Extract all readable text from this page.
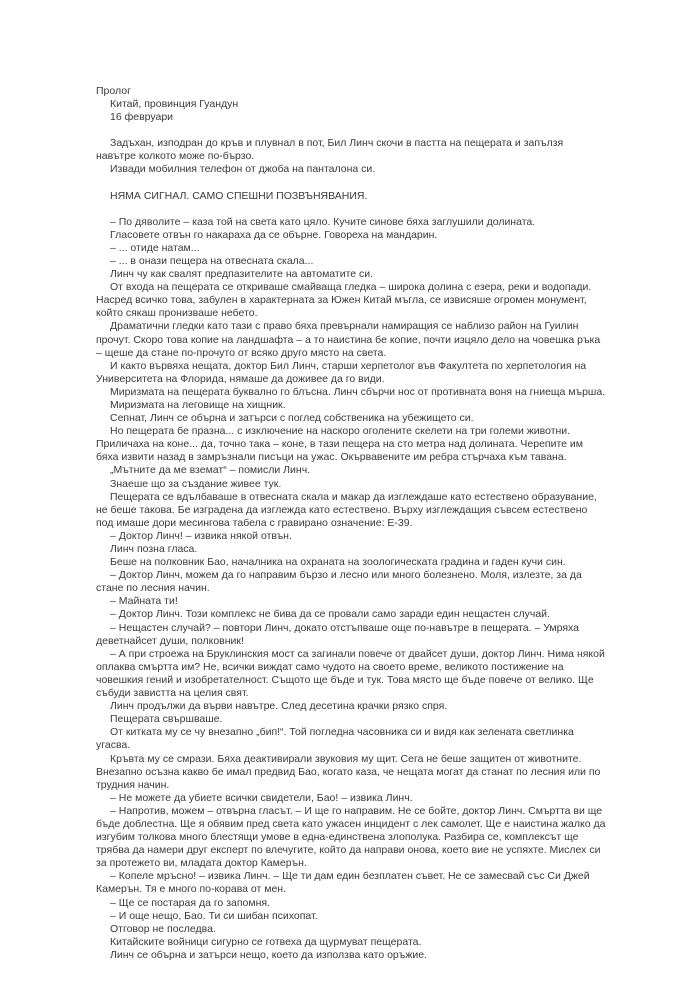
Пролог

Китай, провинция Гуандун

16 февруари

Задъхан, изподран до кръв и плувнал в пот, Бил Линч скочи в пастта на пещерата и запълзя навътре колкото може по-бързо.

Извади мобилния телефон от джоба на панталона си.

НЯМА СИГНАЛ. САМО СПЕШНИ ПОЗВЪНЯВАНИЯ.

– По дяволите – каза той на света като цяло. Кучите синове бяха заглушили долината.

Гласовете отвън го накараха да се обърне. Говореха на мандарин.

– ... отиде натам...

– ... в онази пещера на отвесната скала...

Линч чу как свалят предпазителите на автоматите си.

От входа на пещерата се откриваше смайваща гледка – широка долина с езера, реки и водопади. Насред всичко това, забулен в характерната за Южен Китай мъгла, се извисяше огромен монумент, който сякаш пронизваше небето.

Драматични гледки като тази с право бяха превърнали намиращия се наблизо район на Гуилин прочут. Скоро това копие на ландшафта – а то наистина бе копие, почти изцяло дело на човешка ръка – щеше да стане по-прочуто от всяко друго място на света.

И както вървяха нещата, доктор Бил Линч, старши херпетолог във Факултета по херпетология на Университета на Флорида, нямаше да доживее да го види.

Миризмата на пещерата буквално го блъсна. Линч сбърчи нос от противната воня на гниеща мърша.

Миризмата на леговище на хищник.

Сепнат, Линч се обърна и затърси с поглед собственика на убежището си.

Но пещерата бе празна... с изключение на наскоро оголените скелети на три големи животни. Приличаха на коне... да, точно така – коне, в тази пещера на сто метра над долината. Черепите им бяха извити назад в замръзнали писъци на ужас. Окървавените им ребра стърчаха към тавана.

„Мътните да ме вземат“ – помисли Линч.

Знаеше що за създание живее тук.

Пещерата се вдълбаваше в отвесната скала и макар да изглеждаше като естествено образувание, не беше такова. Бе изградена да изглежда като естествено. Върху изглеждащия съвсем естествено под имаше дори месингова табела с гравирано означение: Е-39.

– Доктор Линч! – извика някой отвън.

Линч позна гласа.

Беше на полковник Бао, началника на охраната на зоологическата градина и гаден кучи син.

– Доктор Линч, можем да го направим бързо и лесно или много болезнено. Моля, излезте, за да стане по лесния начин.

– Майната ти!

– Доктор Линч. Този комплекс не бива да се провали само заради един нещастен случай.

– Нещастен случай? – повтори Линч, докато отстъпваше още по-навътре в пещерата. – Умряха деветнайсет души, полковник!

– А при строежа на Бруклинския мост са загинали повече от двайсет души, доктор Линч. Нима някой оплаква смъртта им? Не, всички виждат само чудото на своето време, великото постижение на човешкия гений и изобретателност. Същото ще бъде и тук. Това място ще бъде повече от велико. Ще събуди завистта на целия свят.

Линч продължи да върви навътре. След десетина крачки рязко спря.

Пещерата свършваше.

От китката му се чу внезапно „бип!“. Той погледна часовника си и видя как зелената светлинка угасва.

Кръвта му се смрази. Бяха деактивирали звуковия му щит. Сега не беше защитен от животните. Внезапно осъзна какво бе имал предвид Бао, когато каза, че нещата могат да станат по лесния или по трудния начин.

– Не можете да убиете всички свидетели, Бао! – извика Линч.

– Напротив, можем – отвърна гласът. – И ще го направим. Не се бойте, доктор Линч. Смъртта ви ще бъде доблестна. Ще я обявим пред света като ужасен инцидент с лек самолет. Ще е наистина жалко да изгубим толкова много блестящи умове в една-единствена злополука. Разбира се, комплексът ще трябва да намери друг експерт по влечугите, който да направи онова, което вие не успяхте. Мислех си за протежето ви, младата доктор Камерън.

– Копеле мръсно! – извика Линч. – Ще ти дам един безплатен съвет. Не се замесвай със Си Джей Камерън. Тя е много по-корава от мен.

– Ще се постарая да го запомня.

– И още нещо, Бао. Ти си шибан психопат.

Отговор не последва.

Китайските войници сигурно се готвеха да щурмуват пещерата.

Линч се обърна и затърси нещо, което да използва като оръжие.
